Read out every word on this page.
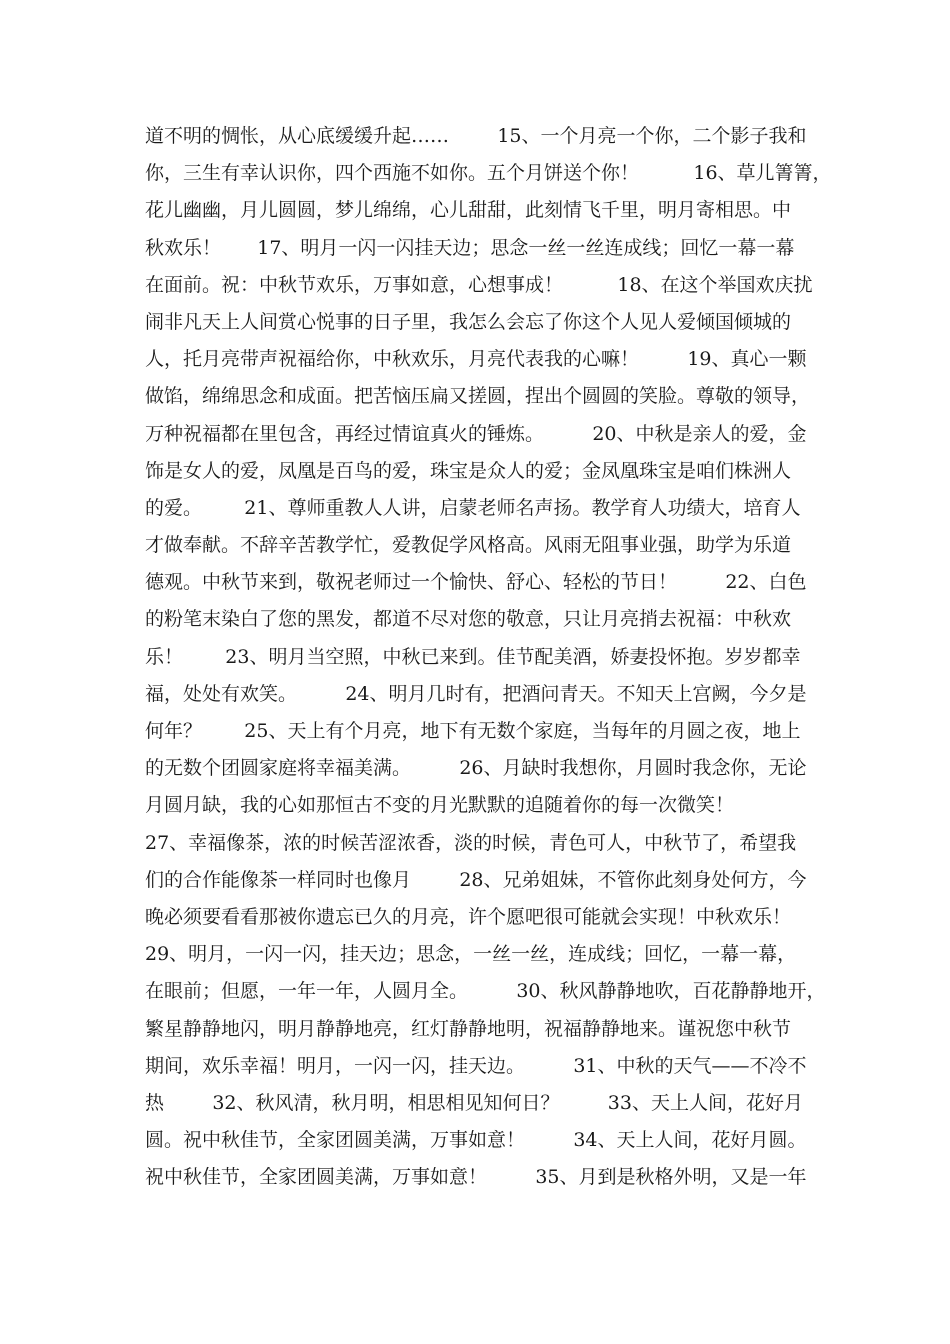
道不明的惆怅，从心底缓缓升起……        15、一个月亮一个你，二个影子我和
你，三生有幸认识你，四个西施不如你。五个月饼送个你！         16、草儿箐箐，
花儿幽幽，月儿圆圆，梦儿绵绵，心儿甜甜，此刻情飞千里，明月寄相思。中
秋欢乐！      17、明月一闪一闪挂天边；思念一丝一丝连成线；回忆一幕一幕
在面前。祝：中秋节欢乐，万事如意，心想事成！         18、在这个举国欢庆扰
闹非凡天上人间赏心悦事的日子里，我怎么会忘了你这个人见人爱倾国倾城的
人，托月亮带声祝福给你，中秋欢乐，月亮代表我的心嘛！        19、真心一颗
做馅，绵绵思念和成面。把苦恼压扁又搓圆，捏出个圆圆的笑脸。尊敬的领导，
万种祝福都在里包含，再经过情谊真火的锤炼。        20、中秋是亲人的爱，金
饰是女人的爱，凤凰是百鸟的爱，珠宝是众人的爱；金凤凰珠宝是咱们株洲人
的爱。       21、尊师重教人人讲，启蒙老师名声扬。教学育人功绩大，培育人
才做奉献。不辞辛苦教学忙，爱教促学风格高。风雨无阻事业强，助学为乐道
德观。中秋节来到，敬祝老师过一个愉快、舒心、轻松的节日！        22、白色
的粉笔末染白了您的黑发，都道不尽对您的敬意，只让月亮捎去祝福：中秋欢
乐！       23、明月当空照，中秋已来到。佳节配美酒，娇妻投怀抱。岁岁都幸
福，处处有欢笑。        24、明月几时有，把酒问青天。不知天上宫阙，今夕是
何年？       25、天上有个月亮，地下有无数个家庭，当每年的月圆之夜，地上
的无数个团圆家庭将幸福美满。        26、月缺时我想你，月圆时我念你，无论
月圆月缺，我的心如那恒古不变的月光默默的追随着你的每一次微笑！
27、幸福像茶，浓的时候苦涩浓香，淡的时候，青色可人，中秋节了，希望我
们的合作能像茶一样同时也像月        28、兄弟姐妹，不管你此刻身处何方，今
晚必须要看看那被你遗忘已久的月亮，许个愿吧很可能就会实现！中秋欢乐！
29、明月，一闪一闪，挂天边；思念，一丝一丝，连成线；回忆，一幕一幕，
在眼前；但愿，一年一年，人圆月全。        30、秋风静静地吹，百花静静地开，
繁星静静地闪，明月静静地亮，红灯静静地明，祝福静静地来。谨祝您中秋节
期间，欢乐幸福！明月，一闪一闪，挂天边。        31、中秋的天气——不冷不
热        32、秋风清，秋月明，相思相见知何日？        33、天上人间，花好月
圆。祝中秋佳节，全家团圆美满，万事如意！        34、天上人间，花好月圆。
祝中秋佳节，全家团圆美满，万事如意！        35、月到是秋格外明，又是一年
